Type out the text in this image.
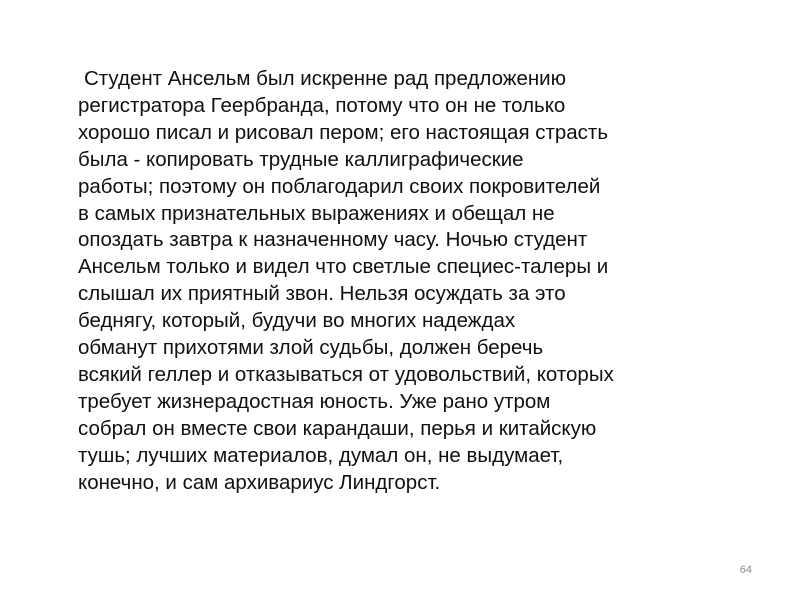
Студент Ансельм был искренне рад предложению
регистратора Геербранда, потому что он не только
хорошо писал и рисовал пером; его настоящая страсть
была - копировать трудные каллиграфические
работы; поэтому он поблагодарил своих покровителей
в самых признательных выражениях и обещал не
опоздать завтра к назначенному часу. Ночью студент
Ансельм только и видел что светлые специес-талеры и
слышал их приятный звон. Нельзя осуждать за это
беднягу, который, будучи во многих надеждах
обманут прихотями злой судьбы, должен беречь
всякий геллер и отказываться от удовольствий, которых
требует жизнерадостная юность. Уже рано утром
собрал он вместе свои карандаши, перья и китайскую
тушь; лучших материалов, думал он, не выдумает,
конечно, и сам архивариус Линдгорст.

64
